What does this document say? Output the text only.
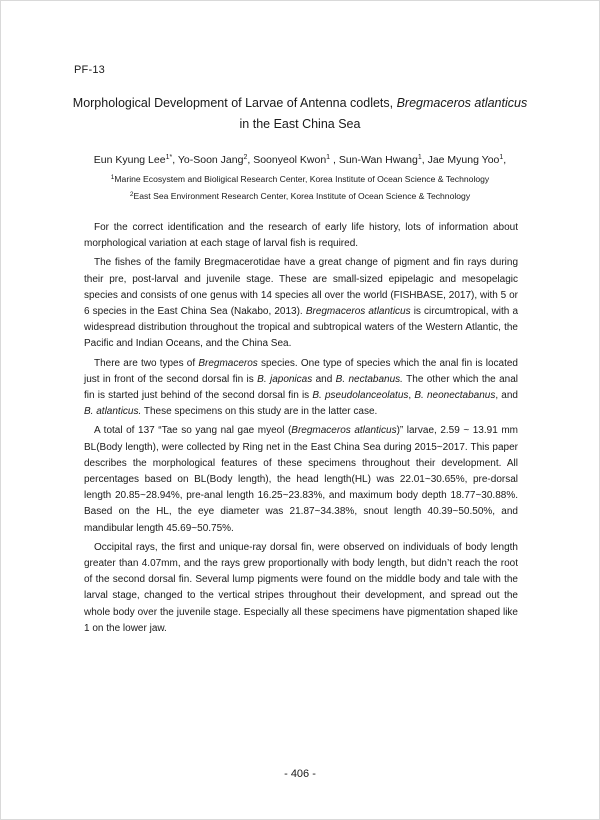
PF-13
Morphological Development of Larvae of Antenna codlets, Bregmaceros atlanticus
in the East China Sea
Eun Kyung Lee$^{1*}$, Yo-Soon Jang$^2$, Soonyeol Kwon$^1$ , Sun-Wan Hwang$^1$, Jae Myung Yoo$^1$,
$^1$Marine Ecosystem and Bioligical Research Center, Korea Institute of Ocean Science & Technology
$^2$East Sea Environment Research Center, Korea Institute of Ocean Science & Technology

For the correct identification and the research of early life history, lots of information about morphological variation at each stage of larval fish is required.

The fishes of the family Bregmacerotidae have a great change of pigment and fin rays during their pre, post-larval and juvenile stage. These are small-sized epipelagic and mesopelagic species and consists of one genus with 14 species all over the world (FISHBASE, 2017), with 5 or 6 species in the East China Sea (Nakabo, 2013). Bregmaceros atlanticus is circumtropical, with a widespread distribution throughout the tropical and subtropical waters of the Western Atlantic, the Pacific and Indian Oceans, and the China Sea.

There are two types of Bregmaceros species. One type of species which the anal fin is located just in front of the second dorsal fin is B. japonicas and B. nectabanus. The other which the anal fin is started just behind of the second dorsal fin is B. pseudolanceolatus, B. neonectabanus, and B. atlanticus. These specimens on this study are in the latter case.

A total of 137 “Tae so yang nal gae myeol (Bregmaceros atlanticus)” larvae, 2.59 ~ 13.91 mm BL(Body length), were collected by Ring net in the East China Sea during 2015~2017. This paper describes the morphological features of these specimens throughout their development. All percentages based on BL(Body length), the head length(HL) was 22.01~30.65%, pre-dorsal length 20.85~28.94%, pre-anal length 16.25~23.83%, and maximum body depth 18.77~30.88%. Based on the HL, the eye diameter was 21.87~34.38%, snout length 40.39~50.50%, and mandibular length 45.69~50.75%.

Occipital rays, the first and unique-ray dorsal fin, were observed on individuals of body length greater than 4.07mm, and the rays grew proportionally with body length, but didn’t reach the root of the second dorsal fin. Several lump pigments were found on the middle body and tale with the larval stage, changed to the vertical stripes throughout their development, and spread out the whole body over the juvenile stage. Especially all these specimens have pigmentation shaped like 1 on the lower jaw.

- 406 -
